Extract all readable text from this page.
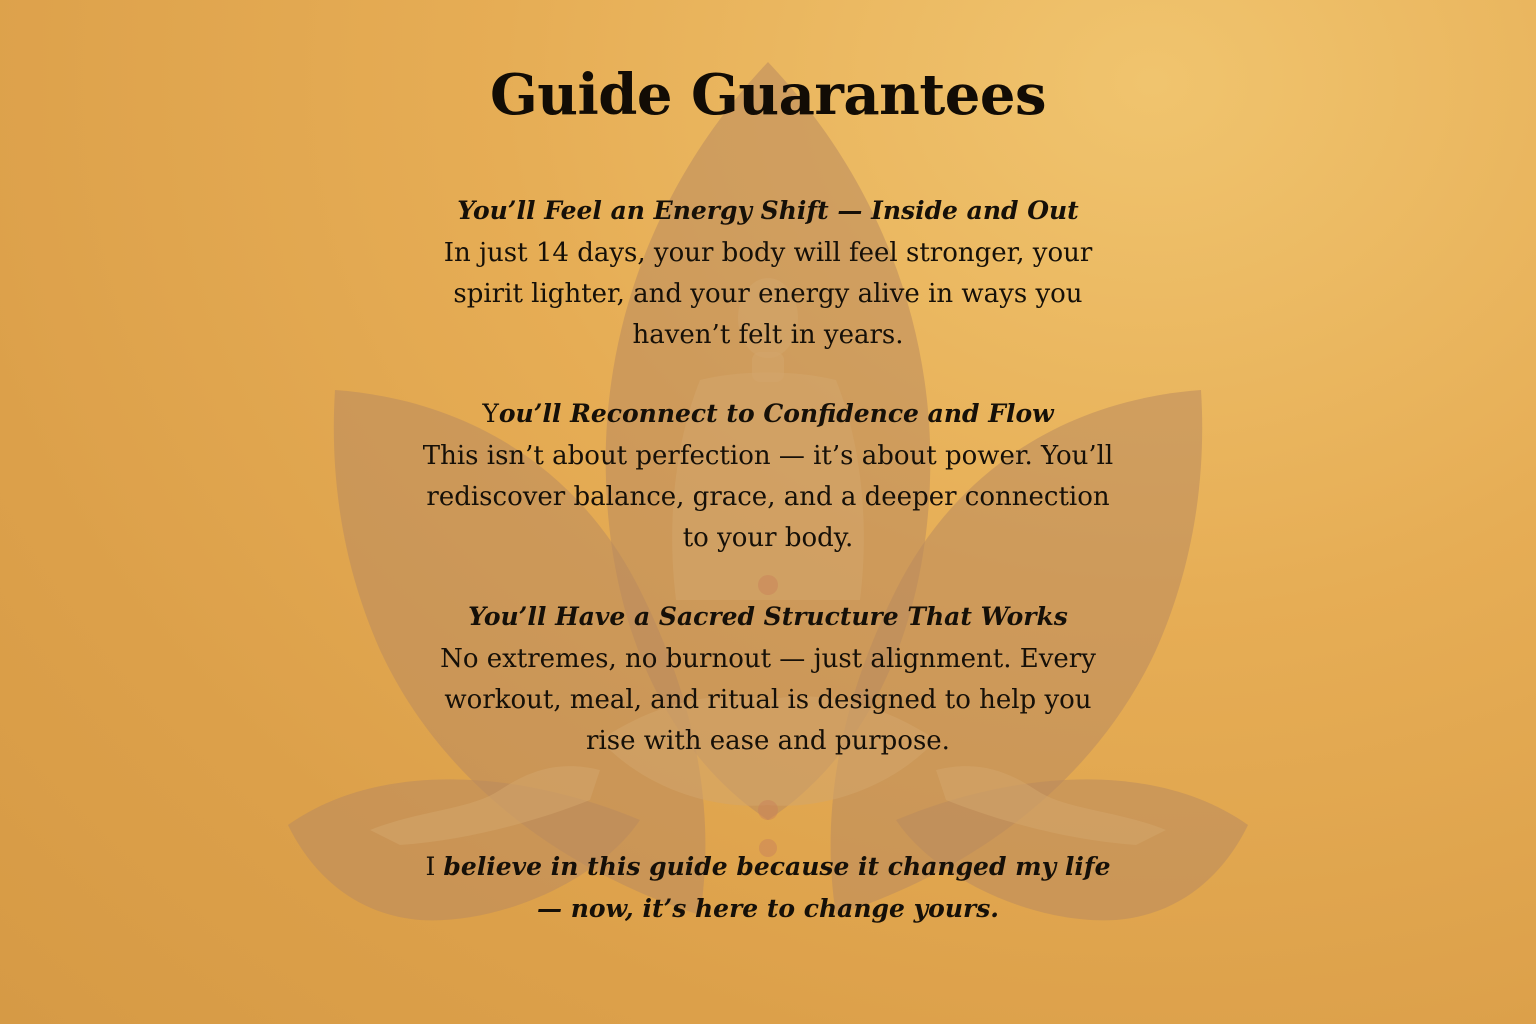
Guide Guarantees
You’ll Feel an Energy Shift — Inside and Out
In just 14 days, your body will feel stronger, your spirit lighter, and your energy alive in ways you haven’t felt in years.
You’ll Reconnect to Confidence and Flow
This isn’t about perfection — it’s about power. You’ll rediscover balance, grace, and a deeper connection to your body.
You’ll Have a Sacred Structure That Works
No extremes, no burnout — just alignment. Every workout, meal, and ritual is designed to help you rise with ease and purpose.
I believe in this guide because it changed my life — now, it’s here to change yours.
